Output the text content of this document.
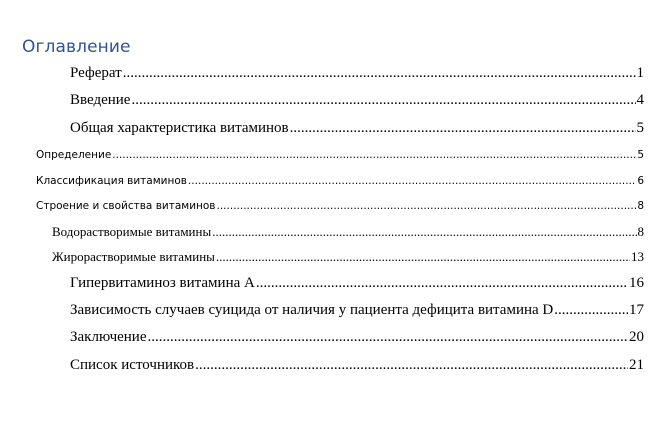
Оглавление
Реферат .....	1
Введение .....	4
Общая характеристика витаминов .....	5
Определение .....	5
Классификация витаминов .....	6
Строение и свойства витаминов .....	8
Водорастворимые витамины .....	8
Жирорастворимые витамины .....	13
Гипервитаминоз витамина А .....	16
Зависимость случаев суицида от наличия у пациента дефицита витамина D .....	17
Заключение .....	20
Список источников .....	21
